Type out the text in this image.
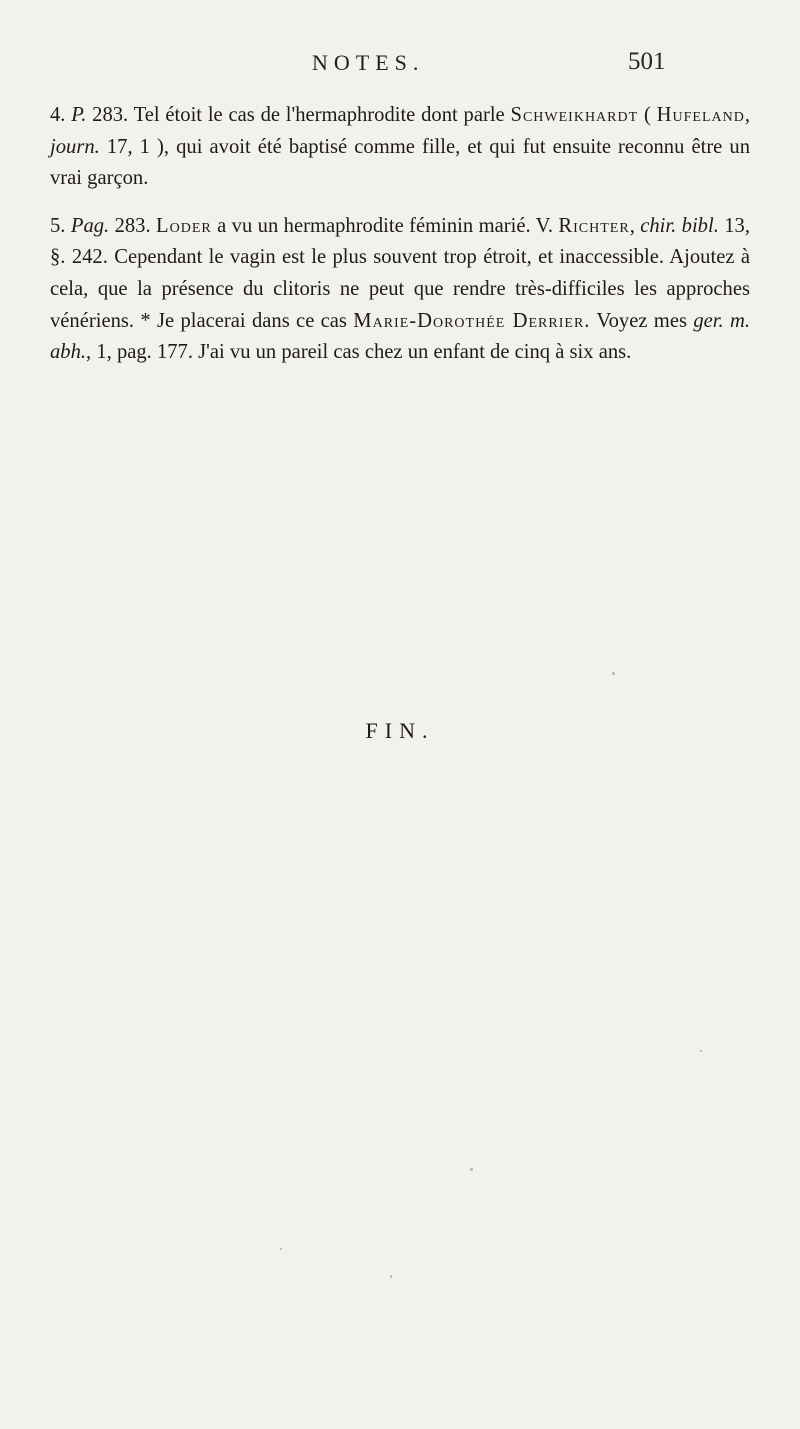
NOTES.	501

4. P. 283. Tel étoit le cas de l'hermaphrodite dont parle Schweikhardt ( Hufeland, journ. 17, 1 ), qui avoit été baptisé comme fille, et qui fut ensuite reconnu être un vrai garçon.

5. Pag. 283. Loder a vu un hermaphrodite féminin marié. V. Richter, chir. bibl. 13, §. 242. Cependant le vagin est le plus souvent trop étroit, et inaccessible. Ajoutez à cela, que la présence du clitoris ne peut que rendre très-difficiles les approches vénériens. * Je placerai dans ce cas Marie-Dorothée Derrier. Voyez mes ger. m. abh., 1, pag. 177. J'ai vu un pareil cas chez un enfant de cinq à six ans.

FIN.
